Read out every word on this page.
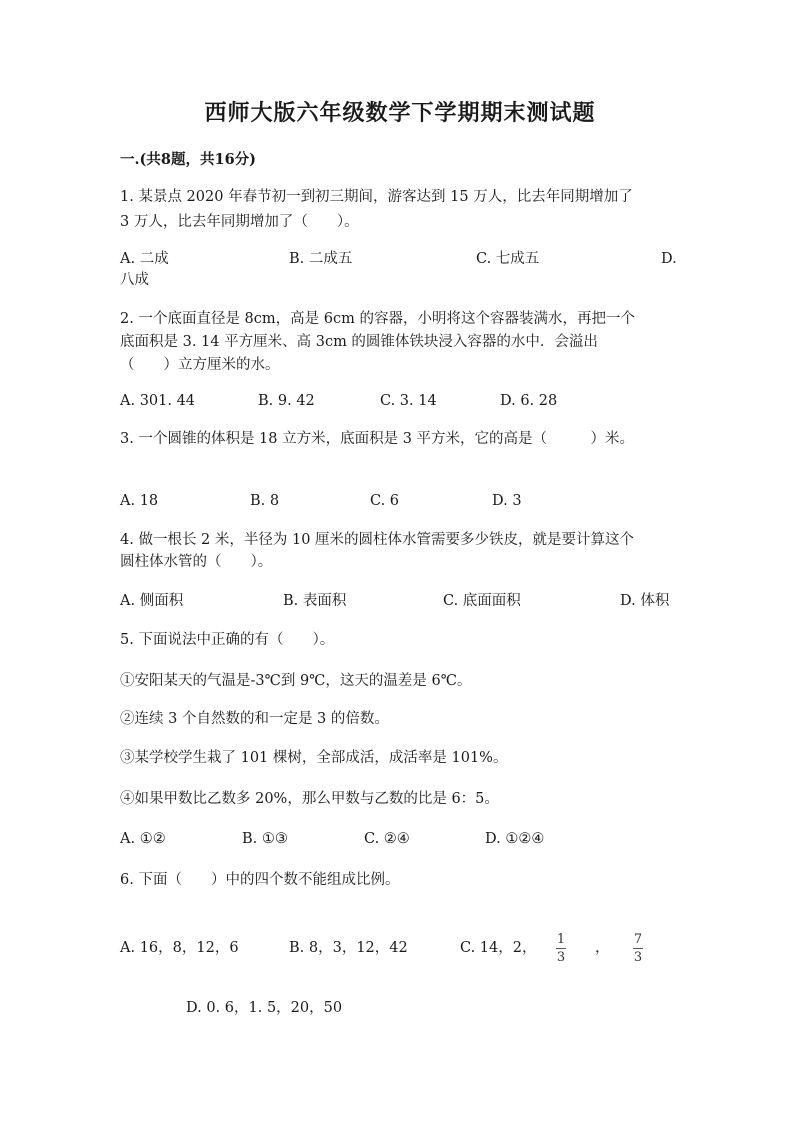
西师大版六年级数学下学期期末测试题
一.(共8题，共16分)
1. 某景点 2020 年春节初一到初三期间，游客达到 15 万人，比去年同期增加了
3 万人，比去年同期增加了（　　）。
A. 二成	B. 二成五	C. 七成五	D.
八成
2. 一个底面直径是 8cm，高是 6cm 的容器，小明将这个容器装满水，再把一个
底面积是 3. 14 平方厘米、高 3cm 的圆锥体铁块浸入容器的水中．会溢出
（　　）立方厘米的水。
A. 301. 44	B. 9. 42	C. 3. 14	D. 6. 28
3. 一个圆锥的体积是 18 立方米，底面积是 3 平方米，它的高是（　　　）米。
A. 18	B. 8	C. 6	D. 3
4. 做一根长 2 米，半径为 10 厘米的圆柱体水管需要多少铁皮，就是要计算这个
圆柱体水管的（　　）。
A. 侧面积	B. 表面积	C. 底面面积	D. 体积
5. 下面说法中正确的有（　　）。
①安阳某天的气温是-3℃到 9℃，这天的温差是 6℃。
②连续 3 个自然数的和一定是 3 的倍数。
③某学校学生栽了 101 棵树，全部成活，成活率是 101%。
④如果甲数比乙数多 20%，那么甲数与乙数的比是 6：5。
A. ①②	B. ①③	C. ②④	D. ①②④
6. 下面（　　）中的四个数不能组成比例。
A. 16，8，12，6	B. 8，3，12，42	C. 14，2，
1
3
，
7
3
D. 0. 6，1. 5，20，50
